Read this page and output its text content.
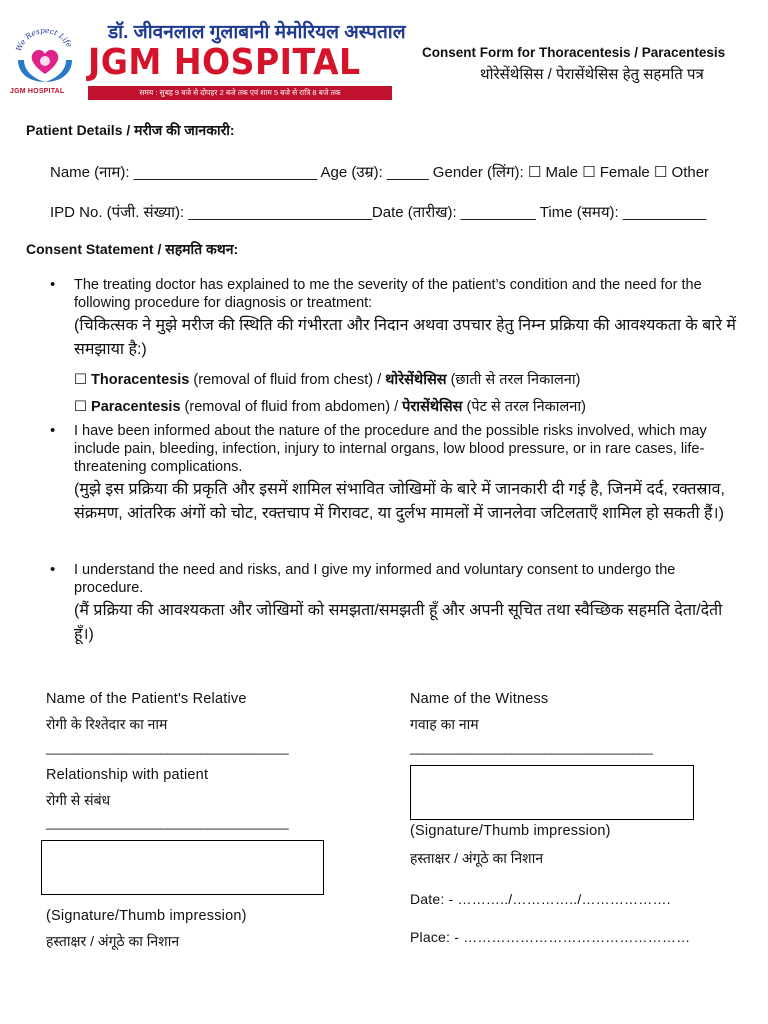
We Respect Life
JGM HOSPITAL
डॉ. जीवनलाल गुलाबानी मेमोरियल अस्पताल
JGM HOSPITAL
समय : सुबह 9 बजे से दोपहर 2 बजे तक एवं शाम 5 बजे से रात्रि 8 बजे तक
Consent Form for Thoracentesis / Paracentesis
थोरेसेंथेसिस / पेरासेंथेसिस हेतु सहमति पत्र
Patient Details / मरीज की जानकारी:
Name (नाम): ______________________ Age (उम्र): _____ Gender (लिंग): ☐ Male ☐ Female ☐ Other
IPD No. (पंजी. संख्या): ______________________Date (तारीख): _________ Time (समय): __________
Consent Statement / सहमति कथन:
• The treating doctor has explained to me the severity of the patient’s condition and the need for the following procedure for diagnosis or treatment:
(चिकित्सक ने मुझे मरीज की स्थिति की गंभीरता और निदान अथवा उपचार हेतु निम्न प्रक्रिया की आवश्यकता के बारे में समझाया है:)
☐ Thoracentesis (removal of fluid from chest) / थोरेसेंथेसिस (छाती से तरल निकालना)
☐ Paracentesis (removal of fluid from abdomen) / पेरासेंथेसिस (पेट से तरल निकालना)
• I have been informed about the nature of the procedure and the possible risks involved, which may include pain, bleeding, infection, injury to internal organs, low blood pressure, or in rare cases, life-threatening complications.
(मुझे इस प्रक्रिया की प्रकृति और इसमें शामिल संभावित जोखिमों के बारे में जानकारी दी गई है, जिनमें दर्द, रक्तस्राव, संक्रमण, आंतरिक अंगों को चोट, रक्तचाप में गिरावट, या दुर्लभ मामलों में जानलेवा जटिलताएँ शामिल हो सकती हैं।)
• I understand the need and risks, and I give my informed and voluntary consent to undergo the procedure.
(मैं प्रक्रिया की आवश्यकता और जोखिमों को समझता/समझती हूँ और अपनी सूचित तथा स्वैच्छिक सहमति देता/देती हूँ।)
Name of the Patient's Relative
रोगी के रिश्तेदार का नाम
____________________________________
Relationship with patient
रोगी से संबंध
____________________________________
(Signature/Thumb impression)
हस्ताक्षर / अंगूठे का निशान
Name of the Witness
गवाह का नाम
____________________________________
(Signature/Thumb impression)
हस्ताक्षर / अंगूठे का निशान
Date: - ………../…………../……………….
Place: - …………………………………………
